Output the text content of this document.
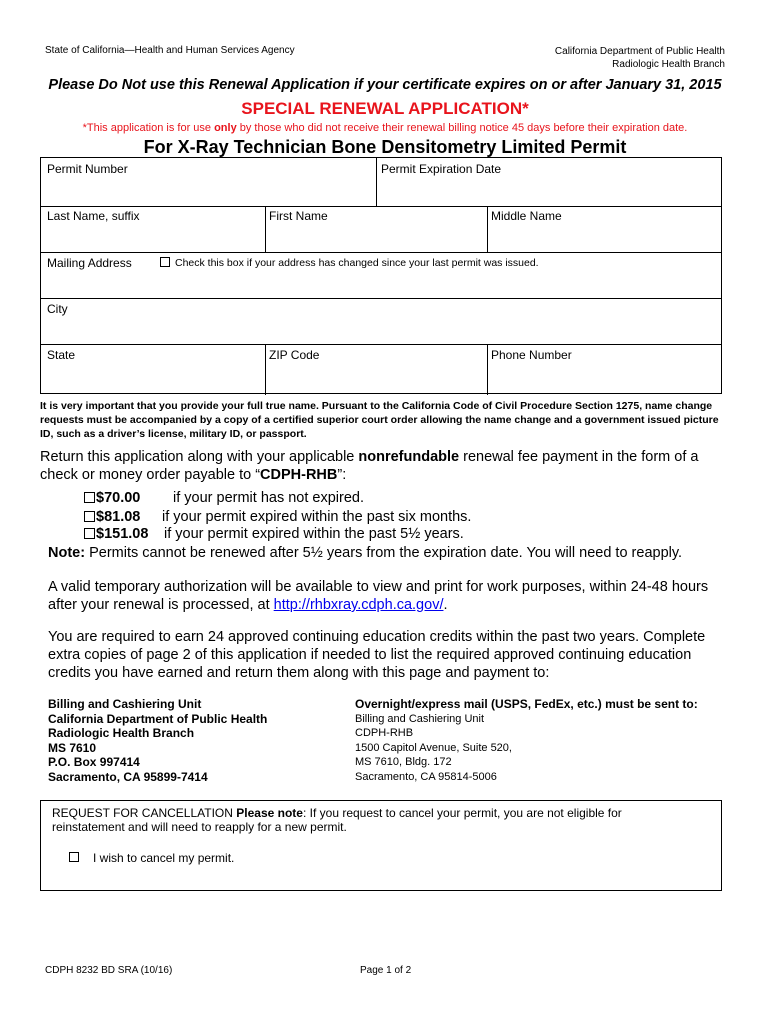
State of California—Health and Human Services Agency	California Department of Public Health
Radiologic Health Branch
Please Do Not use this Renewal Application if your certificate expires on or after January 31, 2015
SPECIAL RENEWAL APPLICATION*
*This application is for use only by those who did not receive their renewal billing notice 45 days before their expiration date.
For X-Ray Technician Bone Densitometry Limited Permit
Permit Number	Permit Expiration Date
Last Name, suffix	First Name	Middle Name
Mailing Address	Check this box if your address has changed since your last permit was issued.
City
State	ZIP Code	Phone Number
It is very important that you provide your full true name. Pursuant to the California Code of Civil Procedure Section 1275, name change requests must be accompanied by a copy of a certified superior court order allowing the name change and a government issued picture ID, such as a driver’s license, military ID, or passport.
Return this application along with your applicable nonrefundable renewal fee payment in the form of a check or money order payable to “CDPH-RHB”:
$70.00 if your permit has not expired.
$81.08 if your permit expired within the past six months.
$151.08 if your permit expired within the past 5½ years.
Note: Permits cannot be renewed after 5½ years from the expiration date. You will need to reapply.
A valid temporary authorization will be available to view and print for work purposes, within 24-48 hours after your renewal is processed, at http://rhbxray.cdph.ca.gov/.
You are required to earn 24 approved continuing education credits within the past two years. Complete extra copies of page 2 of this application if needed to list the required approved continuing education credits you have earned and return them along with this page and payment to:
Billing and Cashiering Unit
California Department of Public Health
Radiologic Health Branch
MS 7610
P.O. Box 997414
Sacramento, CA 95899-7414
Overnight/express mail (USPS, FedEx, etc.) must be sent to:
Billing and Cashiering Unit
CDPH-RHB
1500 Capitol Avenue, Suite 520,
MS 7610, Bldg. 172
Sacramento, CA 95814-5006
REQUEST FOR CANCELLATION Please note: If you request to cancel your permit, you are not eligible for reinstatement and will need to reapply for a new permit.
I wish to cancel my permit.
CDPH 8232 BD SRA (10/16)	Page 1 of 2
